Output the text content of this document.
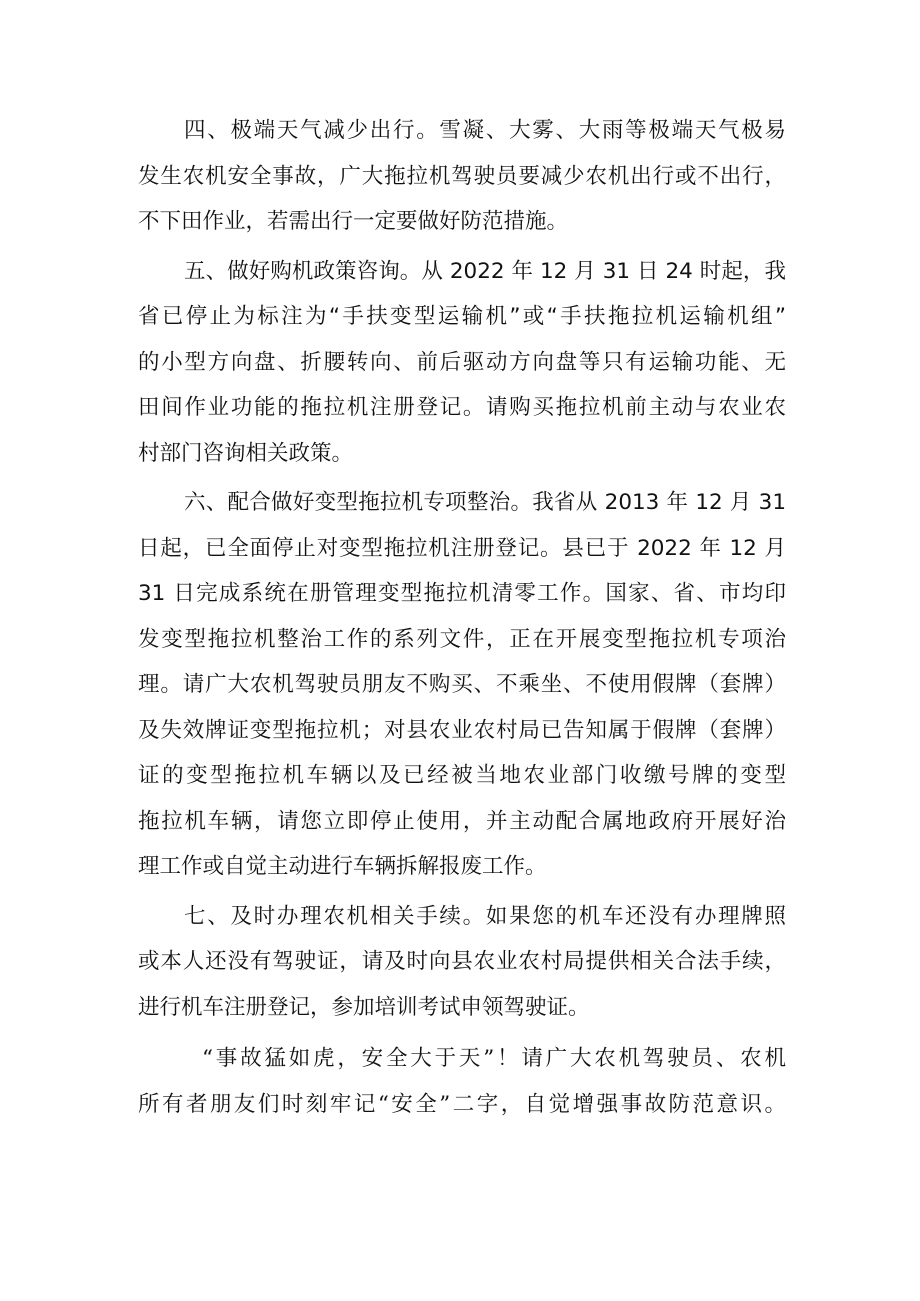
四、极端天气减少出行。雪凝、大雾、大雨等极端天气极易
发生农机安全事故，广大拖拉机驾驶员要减少农机出行或不出行，
不下田作业，若需出行一定要做好防范措施。

五、做好购机政策咨询。从 2022 年 12 月 31 日 24 时起，我
省已停止为标注为“手扶变型运输机”或“手扶拖拉机运输机组”
的小型方向盘、折腰转向、前后驱动方向盘等只有运输功能、无
田间作业功能的拖拉机注册登记。请购买拖拉机前主动与农业农
村部门咨询相关政策。

六、配合做好变型拖拉机专项整治。我省从 2013 年 12 月 31
日起，已全面停止对变型拖拉机注册登记。县已于 2022 年 12 月
31 日完成系统在册管理变型拖拉机清零工作。国家、省、市均印
发变型拖拉机整治工作的系列文件，正在开展变型拖拉机专项治
理。请广大农机驾驶员朋友不购买、不乘坐、不使用假牌（套牌）
及失效牌证变型拖拉机；对县农业农村局已告知属于假牌（套牌）
证的变型拖拉机车辆以及已经被当地农业部门收缴号牌的变型
拖拉机车辆，请您立即停止使用，并主动配合属地政府开展好治
理工作或自觉主动进行车辆拆解报废工作。

七、及时办理农机相关手续。如果您的机车还没有办理牌照
或本人还没有驾驶证，请及时向县农业农村局提供相关合法手续，
进行机车注册登记，参加培训考试申领驾驶证。

“事故猛如虎，安全大于天”！请广大农机驾驶员、农机
所有者朋友们时刻牢记“安全”二字，自觉增强事故防范意识。
